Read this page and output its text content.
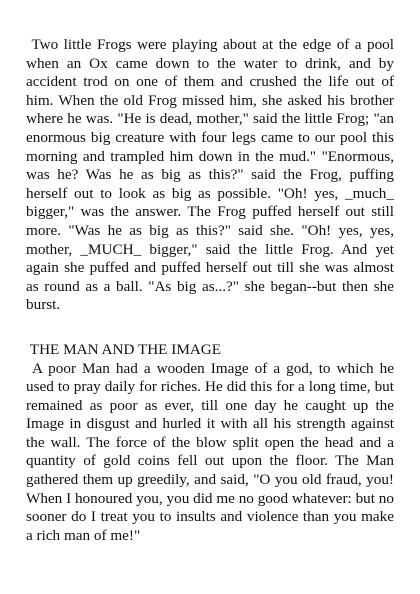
Two little Frogs were playing about at the edge of a pool when an Ox came down to the water to drink, and by accident trod on one of them and crushed the life out of him. When the old Frog missed him, she asked his brother where he was. "He is dead, mother," said the little Frog; "an enormous big creature with four legs came to our pool this morning and trampled him down in the mud." "Enormous, was he? Was he as big as this?" said the Frog, puffing herself out to look as big as possible. "Oh! yes, _much_ bigger," was the answer. The Frog puffed herself out still more. "Was he as big as this?" said she. "Oh! yes, yes, mother, _MUCH_ bigger," said the little Frog. And yet again she puffed and puffed herself out till she was almost as round as a ball. "As big as...?" she began--but then she burst.

THE MAN AND THE IMAGE

A poor Man had a wooden Image of a god, to which he used to pray daily for riches. He did this for a long time, but remained as poor as ever, till one day he caught up the Image in disgust and hurled it with all his strength against the wall. The force of the blow split open the head and a quantity of gold coins fell out upon the floor. The Man gathered them up greedily, and said, "O you old fraud, you! When I honoured you, you did me no good whatever: but no sooner do I treat you to insults and violence than you make a rich man of me!"
